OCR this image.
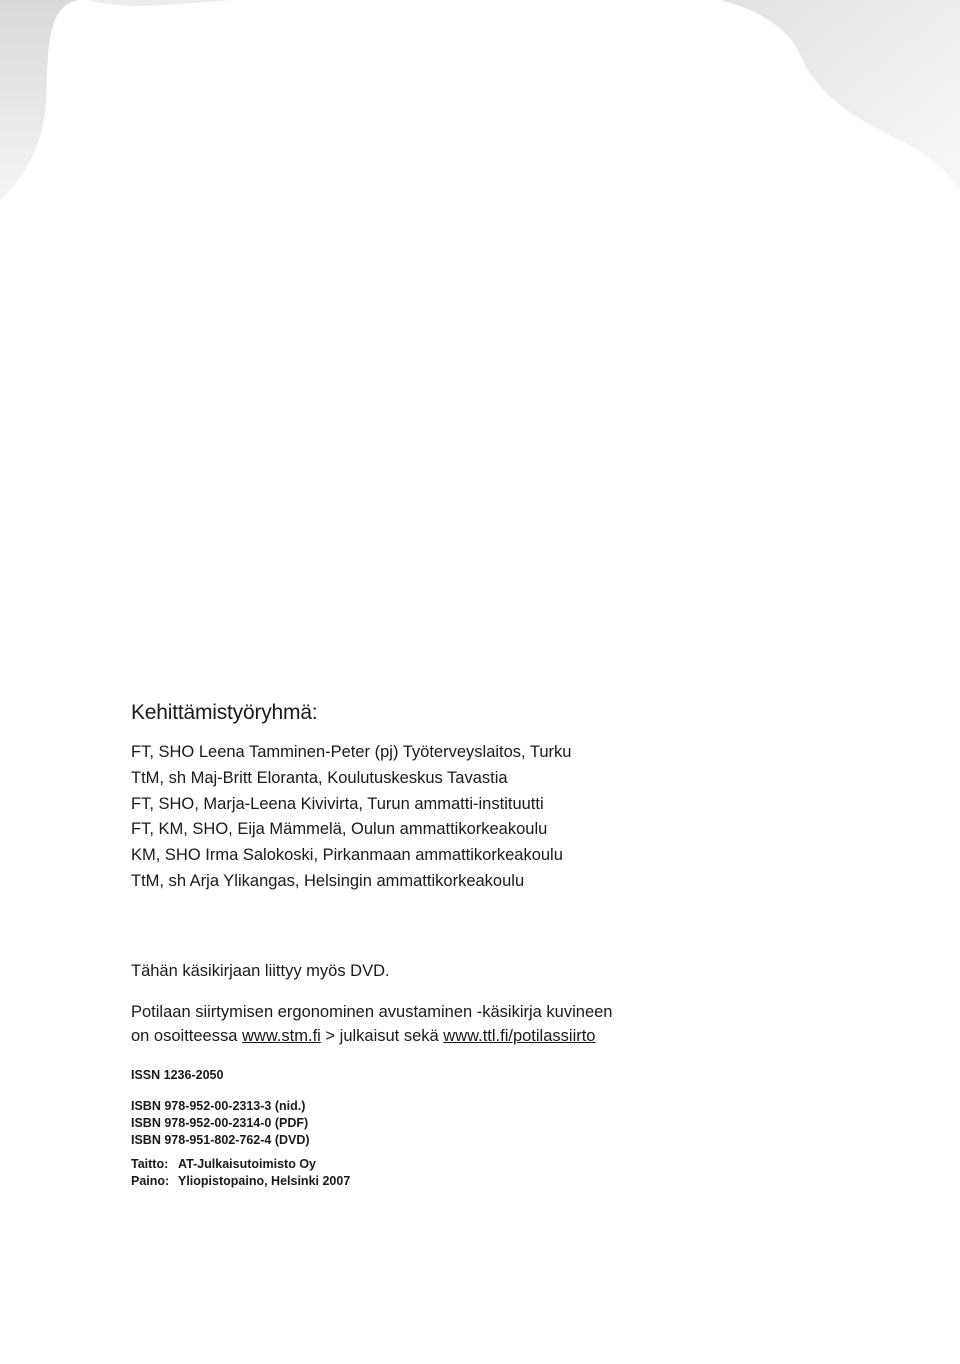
Kehittämistyöryhmä:
FT, SHO Leena Tamminen-Peter (pj) Työterveyslaitos, Turku
TtM, sh Maj-Britt Eloranta, Koulutuskeskus Tavastia
FT, SHO, Marja-Leena Kivivirta, Turun ammatti-instituutti
FT, KM, SHO, Eija Mämmelä, Oulun ammattikorkeakoulu
KM, SHO Irma Salokoski, Pirkanmaan ammattikorkeakoulu
TtM, sh Arja Ylikangas, Helsingin ammattikorkeakoulu

Tähän käsikirjaan liittyy myös DVD.

Potilaan siirtymisen ergonominen avustaminen -käsikirja kuvineen
on osoitteessa www.stm.fi > julkaisut sekä www.ttl.fi/potilassiirto

ISSN 1236-2050

ISBN 978-952-00-2313-3 (nid.)

ISBN 978-952-00-2314-0 (PDF)

ISBN 978-951-802-762-4 (DVD)

Taitto: AT-Julkaisutoimisto Oy

Paino: Yliopistopaino, Helsinki 2007
